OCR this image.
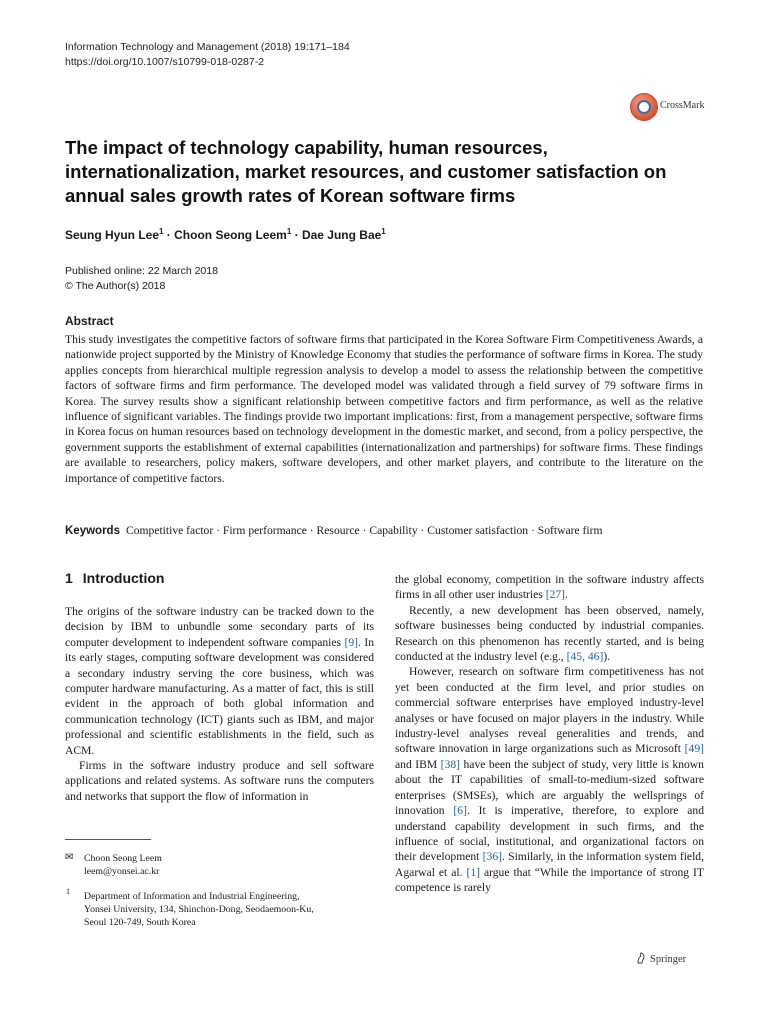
Information Technology and Management (2018) 19:171–184
https://doi.org/10.1007/s10799-018-0287-2
CrossMark
The impact of technology capability, human resources, internationalization, market resources, and customer satisfaction on annual sales growth rates of Korean software firms
Seung Hyun Lee$^1$ · Choon Seong Leem$^1$ · Dae Jung Bae$^1$
Published online: 22 March 2018
© The Author(s) 2018
Abstract
This study investigates the competitive factors of software firms that participated in the Korea Software Firm Competitiveness Awards, a nationwide project supported by the Ministry of Knowledge Economy that studies the performance of software firms in Korea. The study applies concepts from hierarchical multiple regression analysis to develop a model to assess the relationship between the competitive factors of software firms and firm performance. The developed model was validated through a field survey of 79 software firms in Korea. The survey results show a significant relationship between competitive factors and firm performance, as well as the relative influence of significant variables. The findings provide two important implications: first, from a management perspective, software firms in Korea focus on human resources based on technology development in the domestic market, and second, from a policy perspective, the government supports the establishment of external capabilities (internationalization and partnerships) for software firms. These findings are available to researchers, policy makers, software developers, and other market players, and contribute to the literature on the importance of competitive factors.
Keywords Competitive factor · Firm performance · Resource · Capability · Customer satisfaction · Software firm
1 Introduction

The origins of the software industry can be tracked down to the decision by IBM to unbundle some secondary parts of its computer development to independent software companies [9]. In its early stages, computing software development was considered a secondary industry serving the core business, which was computer hardware manufacturing. As a matter of fact, this is still evident in the approach of both global information and communication technology (ICT) giants such as IBM, and major professional and scientific establishments in the field, such as ACM.

Firms in the software industry produce and sell software applications and related systems. As software runs the computers and networks that support the flow of information in

the global economy, competition in the software industry affects firms in all other user industries [27].

Recently, a new development has been observed, namely, software businesses being conducted by industrial companies. Research on this phenomenon has recently started, and is being conducted at the industry level (e.g., [45, 46]).

However, research on software firm competitiveness has not yet been conducted at the firm level, and prior studies on commercial software enterprises have employed industry-level analyses or have focused on major players in the industry. While industry-level analyses reveal generalities and trends, and software innovation in large organizations such as Microsoft [49] and IBM [38] have been the subject of study, very little is known about the IT capabilities of small-to-medium-sized software enterprises (SMSEs), which are arguably the wellsprings of innovation [6]. It is imperative, therefore, to explore and understand capability development in such firms, and the influence of social, institutional, and organizational factors on their development [36]. Similarly, in the information system field, Agarwal et al. [1] argue that “While the importance of strong IT competence is rarely

✉ Choon Seong Leem
leem@yonsei.ac.kr
1 Department of Information and Industrial Engineering,
Yonsei University, 134, Shinchon-Dong, Seodaemoon-Ku,
Seoul 120-749, South Korea
Springer
